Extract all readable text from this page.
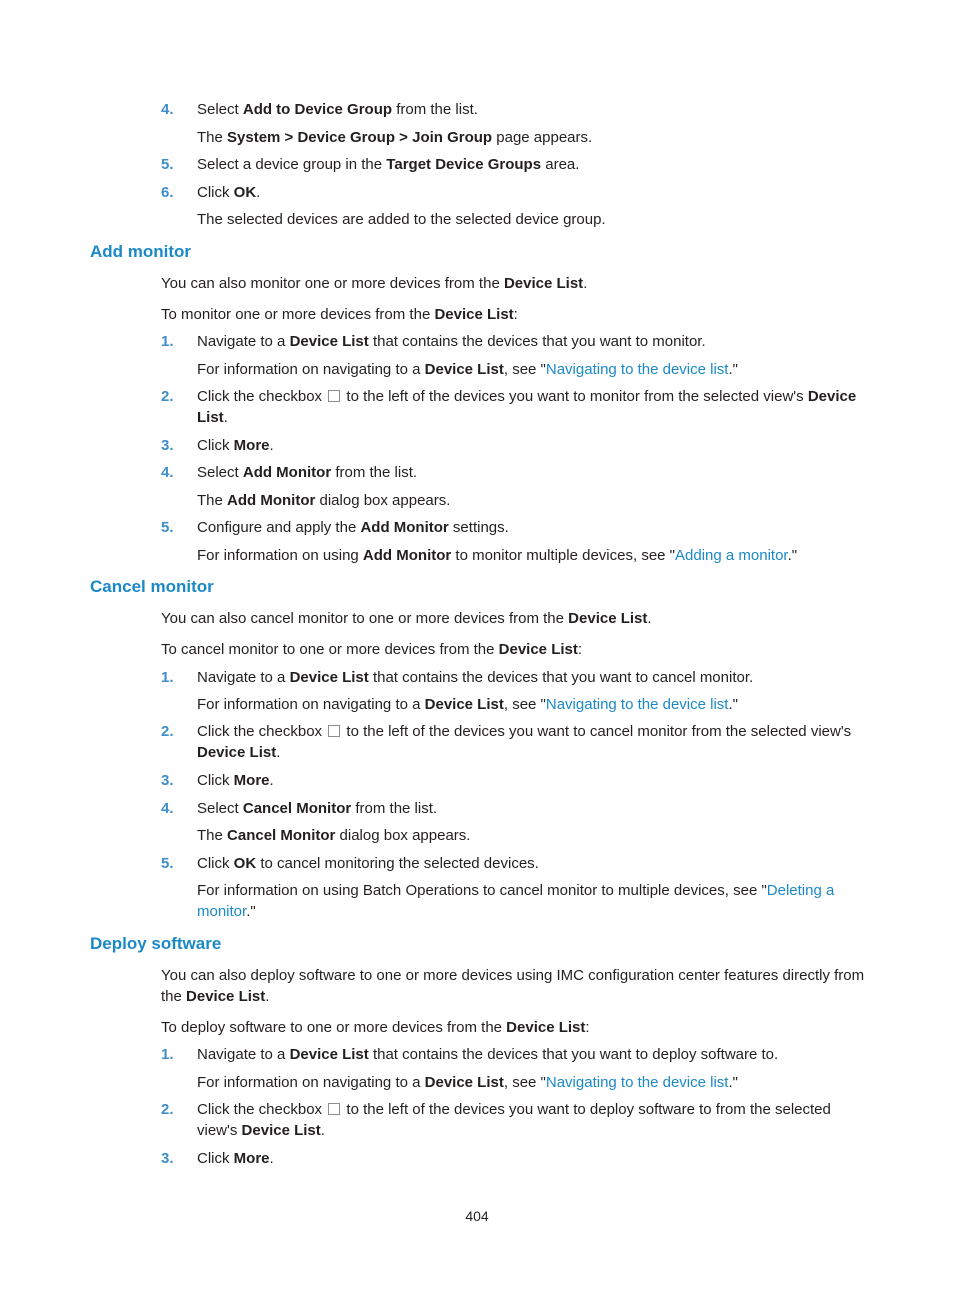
4. Select Add to Device Group from the list.
The System > Device Group > Join Group page appears.
5. Select a device group in the Target Device Groups area.
6. Click OK.
The selected devices are added to the selected device group.
Add monitor
You can also monitor one or more devices from the Device List.
To monitor one or more devices from the Device List:
1. Navigate to a Device List that contains the devices that you want to monitor.
For information on navigating to a Device List, see "Navigating to the device list."
2. Click the checkbox  to the left of the devices you want to monitor from the selected view's Device
List.
3. Click More.
4. Select Add Monitor from the list.
The Add Monitor dialog box appears.
5. Configure and apply the Add Monitor settings.
For information on using Add Monitor to monitor multiple devices, see "Adding a monitor."
Cancel monitor
You can also cancel monitor to one or more devices from the Device List.
To cancel monitor to one or more devices from the Device List:
1. Navigate to a Device List that contains the devices that you want to cancel monitor.
For information on navigating to a Device List, see "Navigating to the device list."
2. Click the checkbox  to the left of the devices you want to cancel monitor from the selected view's
Device List.
3. Click More.
4. Select Cancel Monitor from the list.
The Cancel Monitor dialog box appears.
5. Click OK to cancel monitoring the selected devices.
For information on using Batch Operations to cancel monitor to multiple devices, see "Deleting a monitor."
Deploy software
You can also deploy software to one or more devices using IMC configuration center features directly from the Device List.
To deploy software to one or more devices from the Device List:
1. Navigate to a Device List that contains the devices that you want to deploy software to.
For information on navigating to a Device List, see "Navigating to the device list."
2. Click the checkbox  to the left of the devices you want to deploy software to from the selected view's Device List.
3. Click More.
404
